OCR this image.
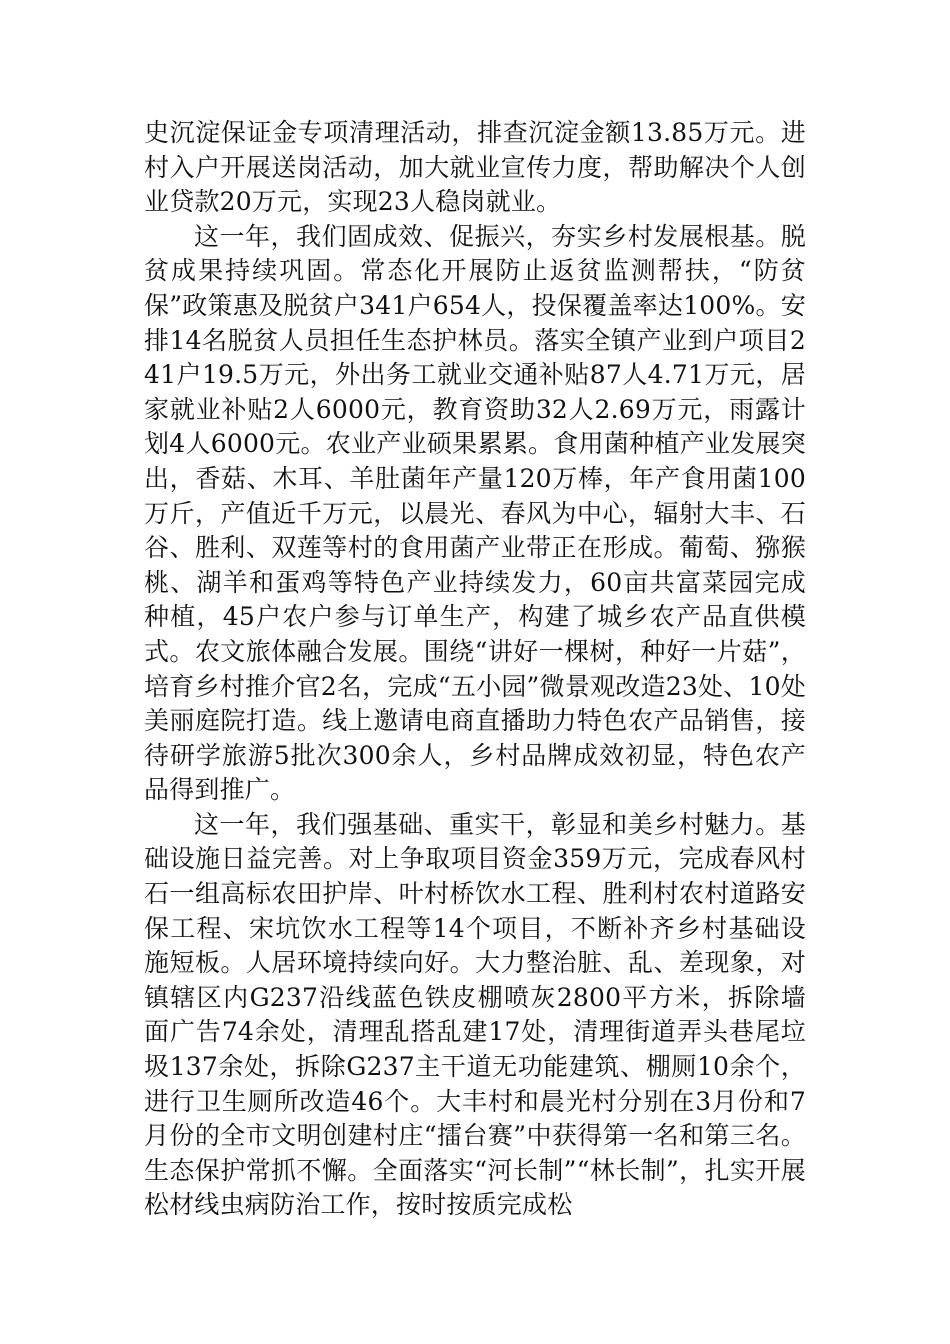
史沉淀保证金专项清理活动，排查沉淀金额13.85万元。进村入户开展送岗活动，加大就业宣传力度，帮助解决个人创业贷款20万元，实现23人稳岗就业。

这一年，我们固成效、促振兴，夯实乡村发展根基。脱贫成果持续巩固。常态化开展防止返贫监测帮扶，“防贫保”政策惠及脱贫户341户654人，投保覆盖率达100%。安排14名脱贫人员担任生态护林员。落实全镇产业到户项目241户19.5万元，外出务工就业交通补贴87人4.71万元，居家就业补贴2人6000元，教育资助32人2.69万元，雨露计划4人6000元。农业产业硕果累累。食用菌种植产业发展突出，香菇、木耳、羊肚菌年产量120万棒，年产食用菌100万斤，产值近千万元，以晨光、春风为中心，辐射大丰、石谷、胜利、双莲等村的食用菌产业带正在形成。葡萄、猕猴桃、湖羊和蛋鸡等特色产业持续发力，60亩共富菜园完成种植，45户农户参与订单生产，构建了城乡农产品直供模式。农文旅体融合发展。围绕“讲好一棵树，种好一片菇”，培育乡村推介官2名，完成“五小园”微景观改造23处、10处美丽庭院打造。线上邀请电商直播助力特色农产品销售，接待研学旅游5批次300余人，乡村品牌成效初显，特色农产品得到推广。

这一年，我们强基础、重实干，彰显和美乡村魅力。基础设施日益完善。对上争取项目资金359万元，完成春风村石一组高标农田护岸、叶村桥饮水工程、胜利村农村道路安保工程、宋坑饮水工程等14个项目，不断补齐乡村基础设施短板。人居环境持续向好。大力整治脏、乱、差现象，对镇辖区内G237沿线蓝色铁皮棚喷灰2800平方米，拆除墙面广告74余处，清理乱搭乱建17处，清理街道弄头巷尾垃圾137余处，拆除G237主干道无功能建筑、棚厕10余个，进行卫生厕所改造46个。大丰村和晨光村分别在3月份和7月份的全市文明创建村庄“擂台赛”中获得第一名和第三名。生态保护常抓不懈。全面落实“河长制”“林长制”，扎实开展松材线虫病防治工作，按时按质完成松
